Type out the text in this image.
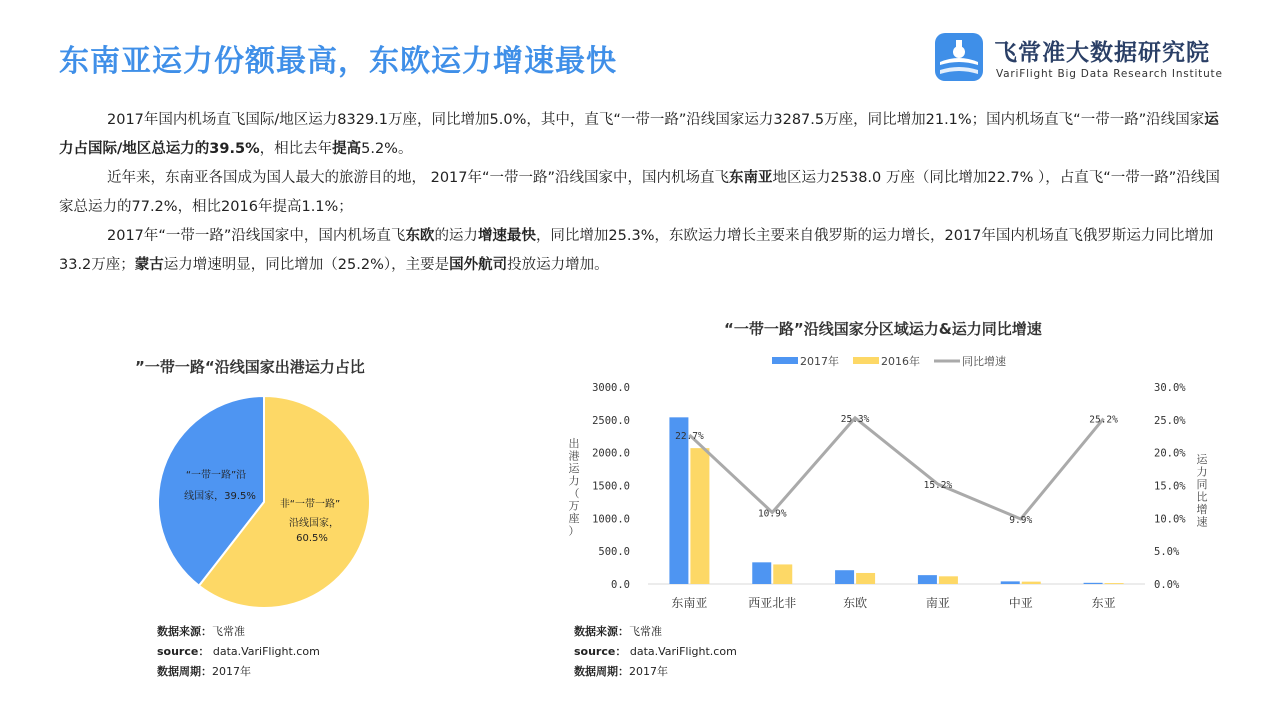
东南亚运力份额最高，东欧运力增速最快	飞常准大数据研究院
VariFlight Big Data Research Institute
2017年国内机场直飞国际/地区运力8329.1万座，同比增加5.0%，其中，直飞“一带一路”沿线国家运力3287.5万座，同比增加21.1%；国内机场直飞“一带一路”沿线国家运力占国际/地区总运力的39.5%，相比去年提高5.2%。
近年来，东南亚各国成为国人最大的旅游目的地， 2017年“一带一路”沿线国家中，国内机场直飞东南亚地区运力2538.0 万座（同比增加22.7% ），占直飞“一带一路”沿线国家总运力的77.2%，相比2016年提高1.1%；
2017年“一带一路”沿线国家中，国内机场直飞东欧的运力增速最快，同比增加25.3%，东欧运力增长主要来自俄罗斯的运力增长，2017年国内机场直飞俄罗斯运力同比增加33.2万座；蒙古运力增速明显，同比增加（25.2%），主要是国外航司投放运力增加。
”一带一路“沿线国家出港运力占比
“一带一路”沿
线国家，39.5%
非“一带一路”
沿线国家，
60.5%
数据来源：飞常准
source： data.VariFlight.com
数据周期：2017年
“一带一路”沿线国家分区域运力&运力同比增速
0.0
500.0
1000.0
1500.0
2000.0
2500.0
3000.0
0.0%
5.0%
10.0%
15.0%
20.0%
25.0%
30.0%
出
港
运
力
（
万
座
）
运
力
同
比
增
速
22.7%
10.9%
25.3%
15.2%
9.9%
25.2%
东南亚	西亚北非	东欧	南亚	中亚	东亚
2017年	2016年	同比增速
数据来源：飞常准
source： data.VariFlight.com
数据周期：2017年
